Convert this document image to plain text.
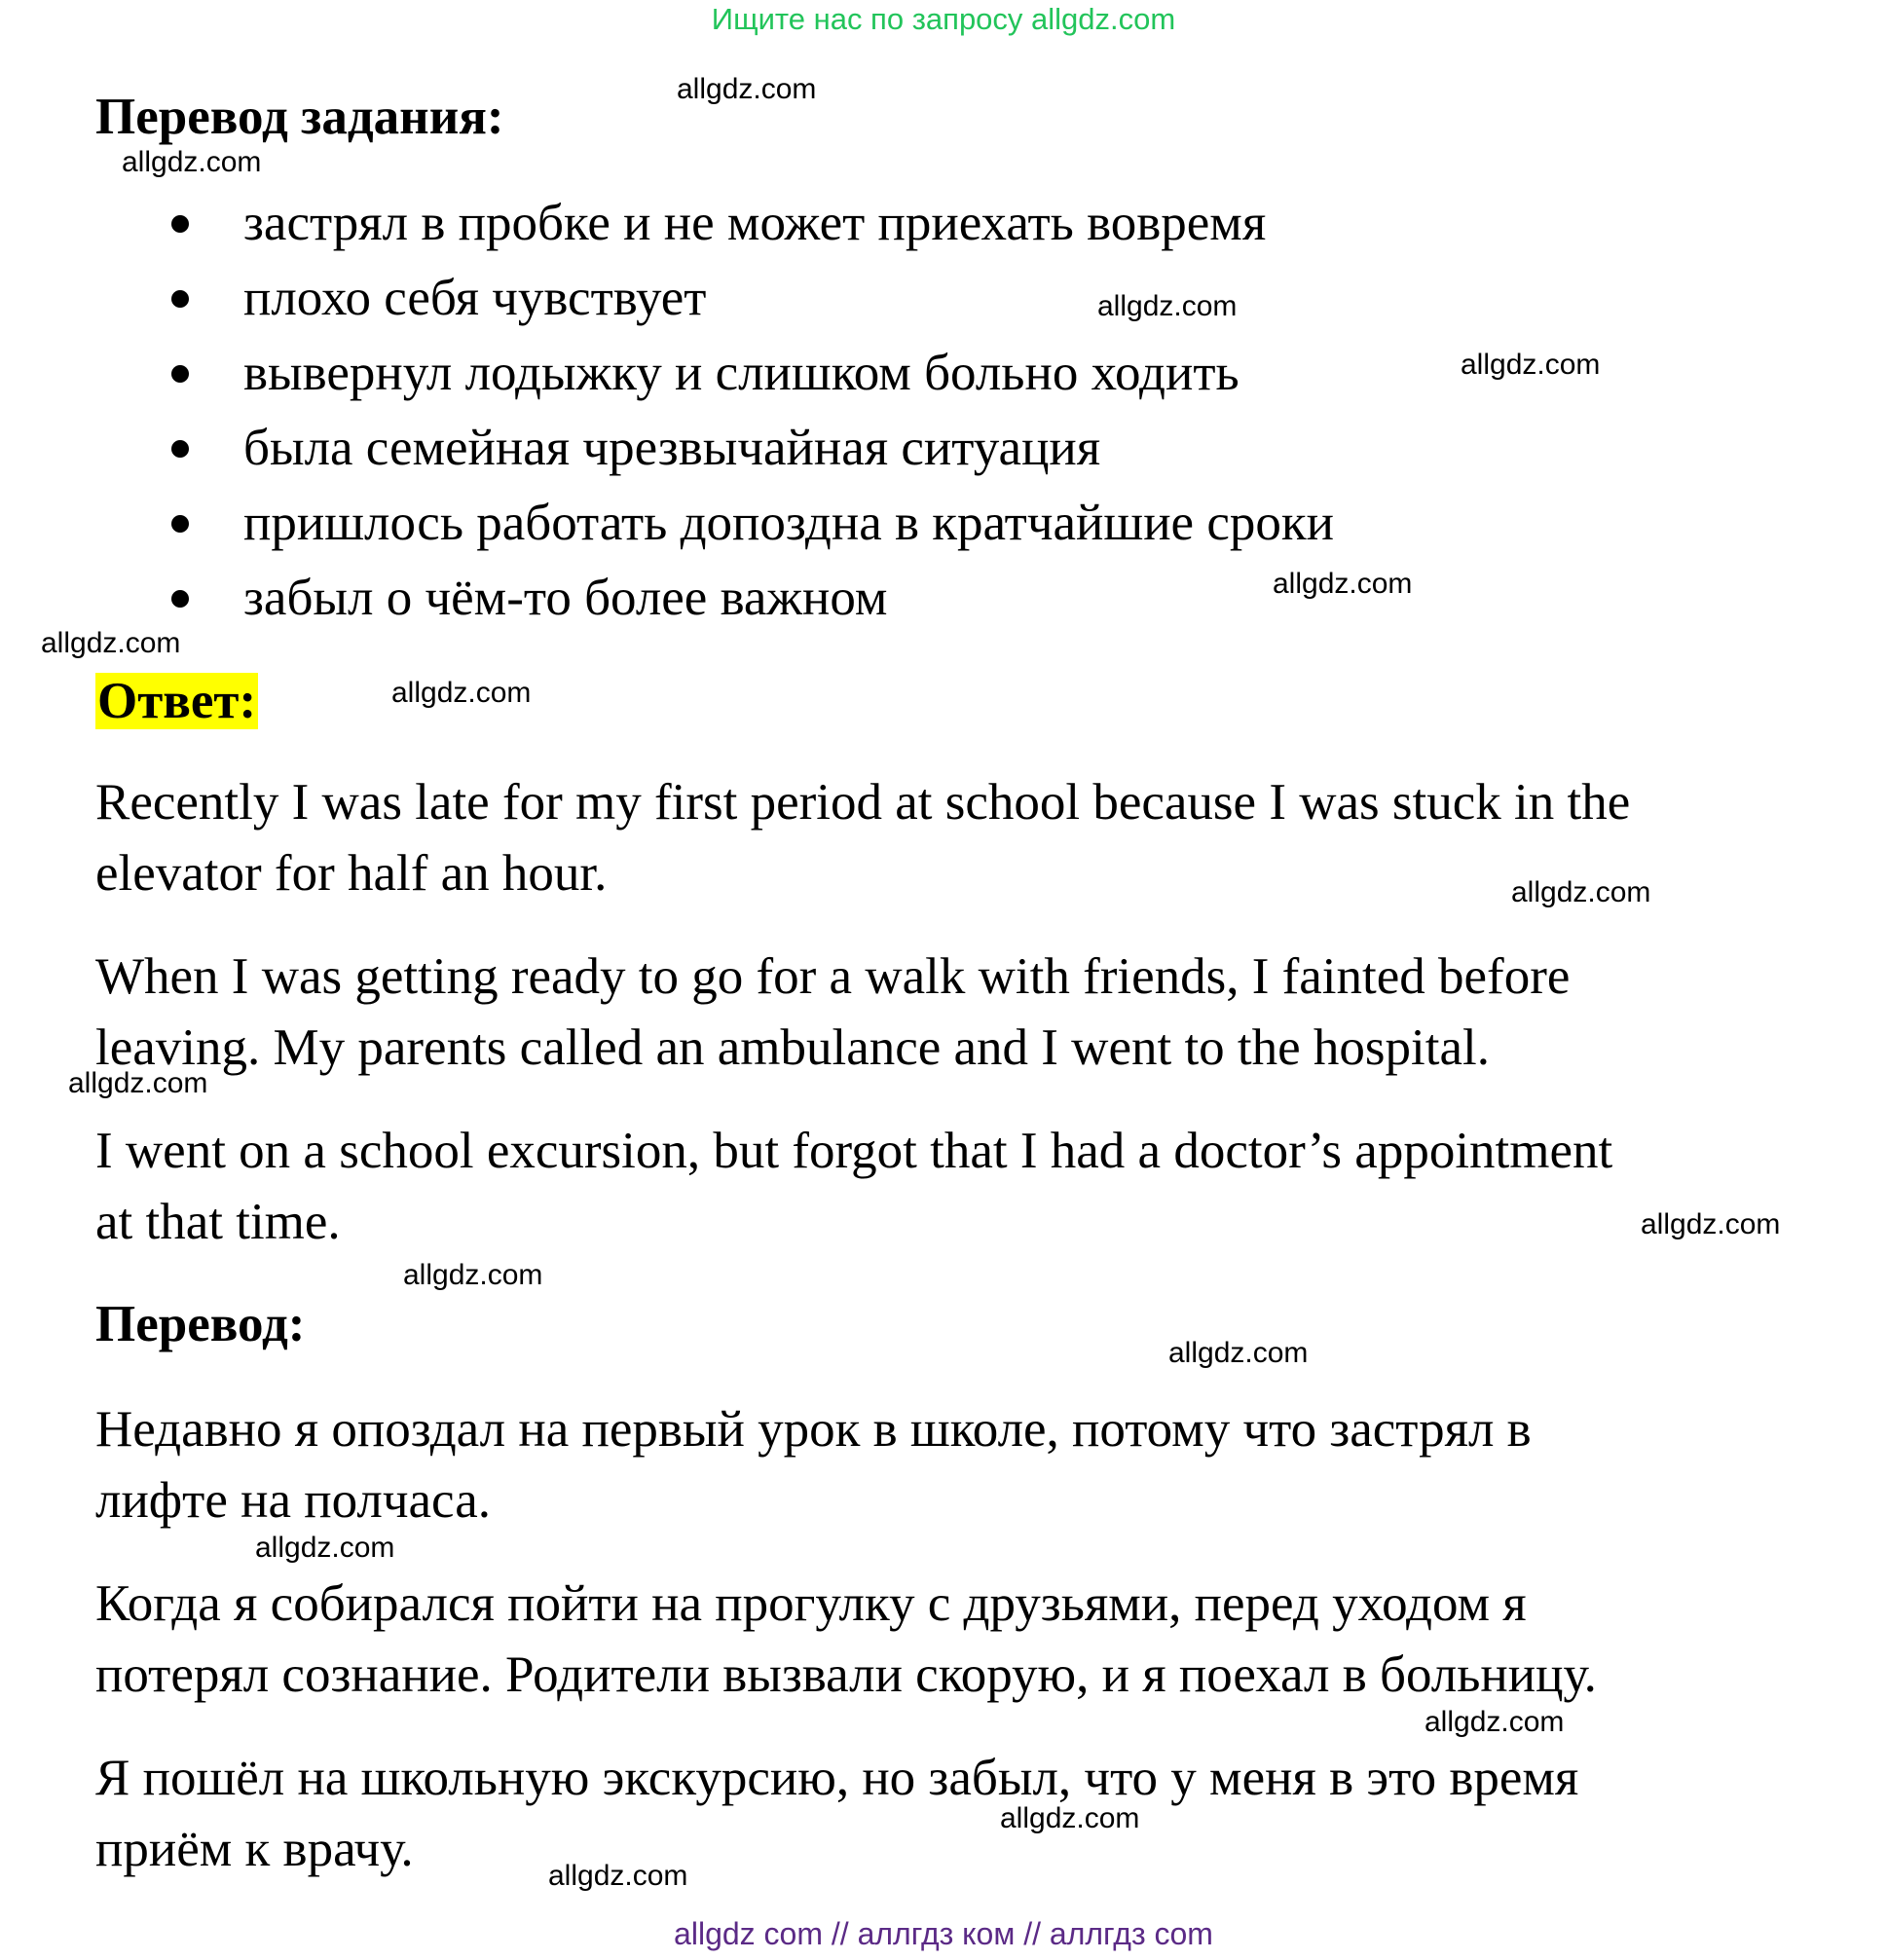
Ищите нас по запросу allgdz.com
Перевод задания:
застрял в пробке и не может приехать вовремя
плохо себя чувствует
вывернул лодыжку и слишком больно ходить
была семейная чрезвычайная ситуация
пришлось работать допоздна в кратчайшие сроки
забыл о чём-то более важном
Ответ:
Recently I was late for my first period at school because I was stuck in the
elevator for half an hour.
When I was getting ready to go for a walk with friends, I fainted before
leaving. My parents called an ambulance and I went to the hospital.
I went on a school excursion, but forgot that I had a doctor’s appointment
at that time.
Перевод:
Недавно я опоздал на первый урок в школе, потому что застрял в
лифте на полчаса.
Когда я собирался пойти на прогулку с друзьями, перед уходом я
потерял сознание. Родители вызвали скорую, и я поехал в больницу.
Я пошёл на школьную экскурсию, но забыл, что у меня в это время
приём к врачу.
allgdz.com
allgdz.com
allgdz.com
allgdz.com
allgdz.com
allgdz.com
allgdz.com
allgdz.com
allgdz.com
allgdz.com
allgdz.com
allgdz.com
allgdz.com
allgdz.com
allgdz.com
allgdz.com
allgdz com // аллгдз ком // аллгдз com
